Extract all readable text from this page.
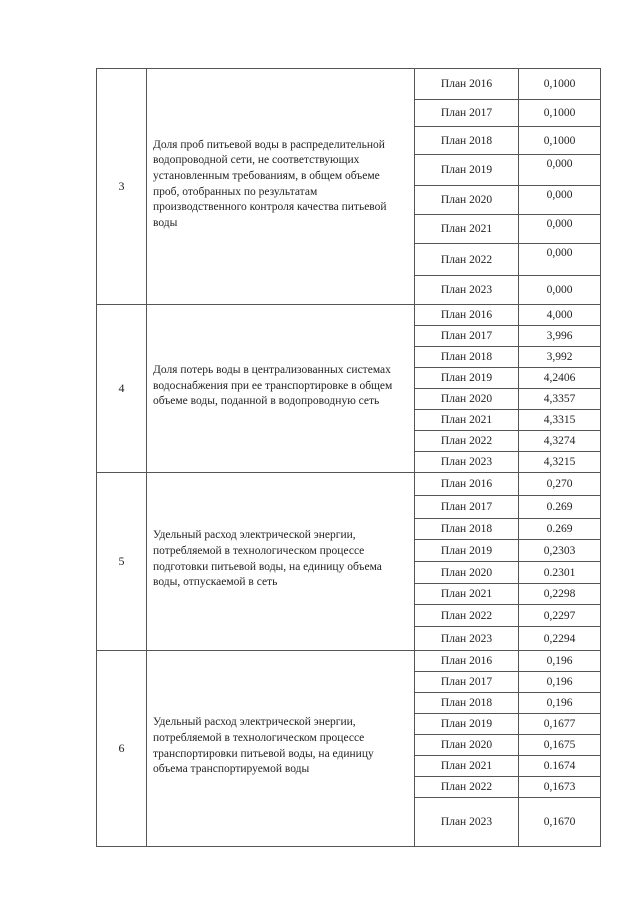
3	Доля проб питьевой воды в распределительной водопроводной сети, не соответствующих установленным требованиям, в общем объеме проб, отобранных по результатам производственного контроля качества питьевой воды	План 2016	0,1000
		План 2017	0,1000
		План 2018	0,1000
		План 2019	0,000
		План 2020	0,000
		План 2021	0,000
		План 2022	0,000
		План 2023	0,000
4	Доля потерь воды в централизованных системах водоснабжения при ее транспортировке в общем объеме воды, поданной в водопроводную сеть	План 2016	4,000
		План 2017	3,996
		План 2018	3,992
		План 2019	4,2406
		План 2020	4,3357
		План 2021	4,3315
		План 2022	4,3274
		План 2023	4,3215
5	Удельный расход электрической энергии, потребляемой в технологическом процессе подготовки питьевой воды, на единицу объема воды, отпускаемой в сеть	План 2016	0,270
		План 2017	0.269
		План 2018	0.269
		План 2019	0,2303
		План 2020	0.2301
		План 2021	0,2298
		План 2022	0,2297
		План 2023	0,2294
6	Удельный расход электрической энергии, потребляемой в технологическом процессе транспортировки питьевой воды, на единицу объема транспортируемой воды	План 2016	0,196
		План 2017	0,196
		План 2018	0,196
		План 2019	0,1677
		План 2020	0,1675
		План 2021	0.1674
		План 2022	0,1673
		План 2023	0,1670
